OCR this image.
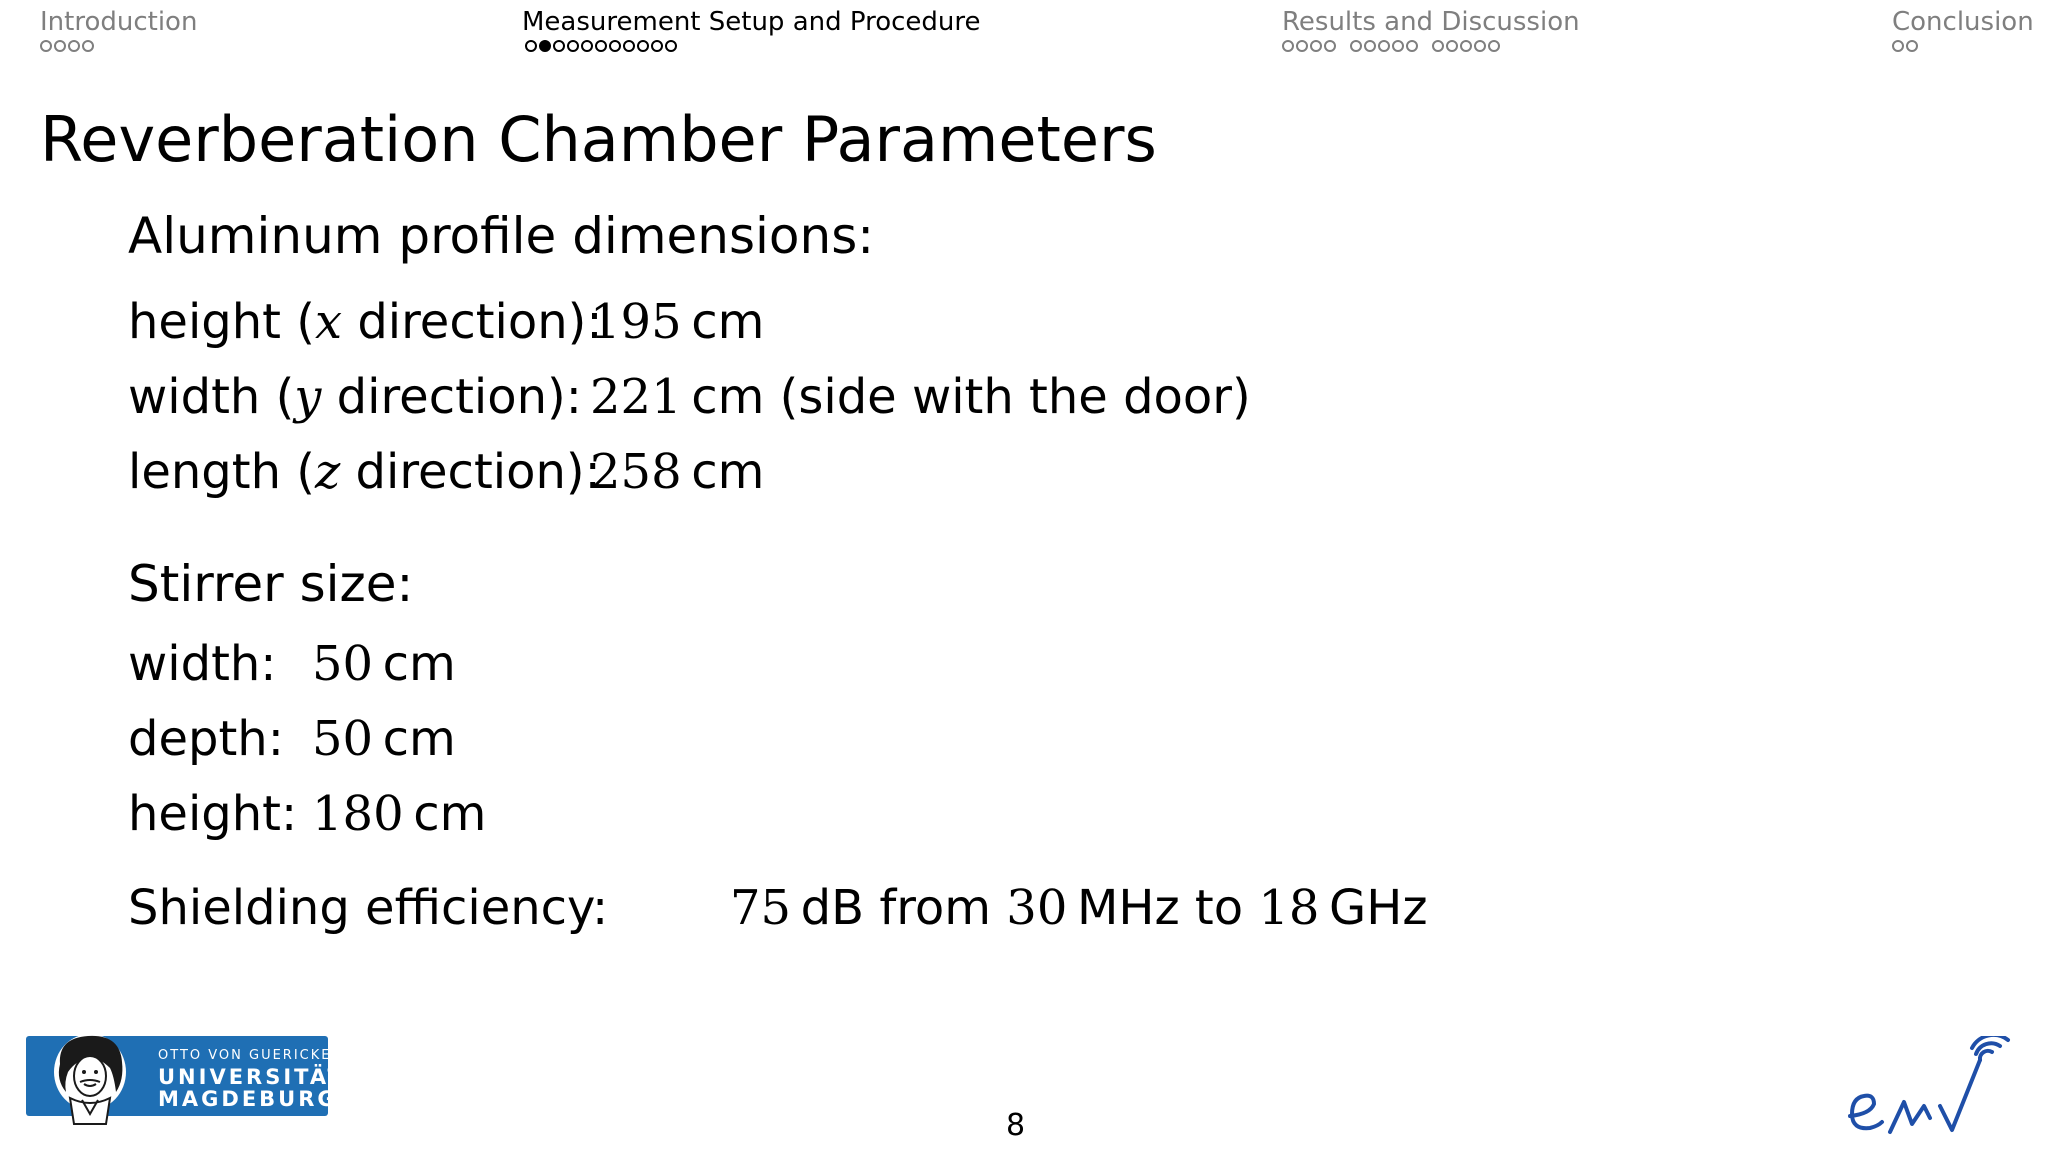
Introduction	Measurement Setup and Procedure	Results and Discussion	Conclusion
Reverberation Chamber Parameters
Aluminum profile dimensions:
height (x direction):
195 cm
width (y direction): 221 cm (side with the door)
length (z direction):
258 cm
Stirrer size:
width: 50 cm
depth: 50 cm
height: 180 cm
Shielding efficiency:	75 dB from 30 MHz to 18 GHz
OTTO VON GUERICKE
UNIVERSITÄT
MAGDEBURG
8
